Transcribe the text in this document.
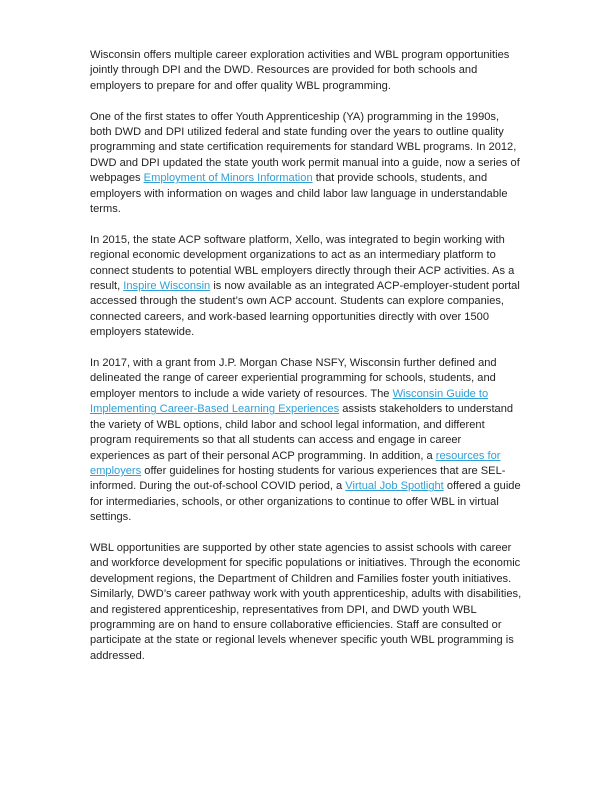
Wisconsin offers multiple career exploration activities and WBL program opportunities jointly through DPI and the DWD. Resources are provided for both schools and employers to prepare for and offer quality WBL programming.

One of the first states to offer Youth Apprenticeship (YA) programming in the 1990s, both DWD and DPI utilized federal and state funding over the years to outline quality programming and state certification requirements for standard WBL programs. In 2012, DWD and DPI updated the state youth work permit manual into a guide, now a series of webpages Employment of Minors Information that provide schools, students, and employers with information on wages and child labor law language in understandable terms.

In 2015, the state ACP software platform, Xello, was integrated to begin working with regional economic development organizations to act as an intermediary platform to connect students to potential WBL employers directly through their ACP activities. As a result, Inspire Wisconsin is now available as an integrated ACP-employer-student portal accessed through the student’s own ACP account. Students can explore companies, connected careers, and work-based learning opportunities directly with over 1500 employers statewide.

In 2017, with a grant from J.P. Morgan Chase NSFY, Wisconsin further defined and delineated the range of career experiential programming for schools, students, and employer mentors to include a wide variety of resources. The Wisconsin Guide to Implementing Career-Based Learning Experiences assists stakeholders to understand the variety of WBL options, child labor and school legal information, and different program requirements so that all students can access and engage in career experiences as part of their personal ACP programming. In addition, a resources for employers offer guidelines for hosting students for various experiences that are SEL-informed. During the out-of-school COVID period, a Virtual Job Spotlight offered a guide for intermediaries, schools, or other organizations to continue to offer WBL in virtual settings.

WBL opportunities are supported by other state agencies to assist schools with career and workforce development for specific populations or initiatives. Through the economic development regions, the Department of Children and Families foster youth initiatives. Similarly, DWD’s career pathway work with youth apprenticeship, adults with disabilities, and registered apprenticeship, representatives from DPI, and DWD youth WBL programming are on hand to ensure collaborative efficiencies. Staff are consulted or participate at the state or regional levels whenever specific youth WBL programming is addressed.
